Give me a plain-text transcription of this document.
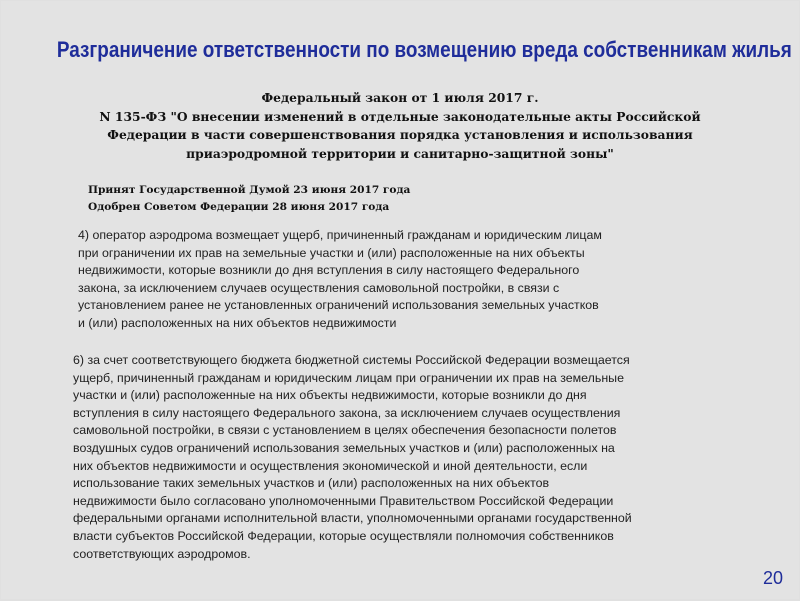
Разграничение ответственности по возмещению вреда собственникам жилья
Федеральный закон от 1 июля 2017 г.
N 135-ФЗ "О внесении изменений в отдельные законодательные акты Российской
Федерации в части совершенствования порядка установления и использования
приаэродромной территории и санитарно-защитной зоны"
Принят Государственной Думой 23 июня 2017 года
Одобрен Советом Федерации 28 июня 2017 года
4) оператор аэродрома возмещает ущерб, причиненный гражданам и юридическим лицам
при ограничении их прав на земельные участки и (или) расположенные на них объекты
недвижимости, которые возникли до дня вступления в силу настоящего Федерального
закона, за исключением случаев осуществления самовольной постройки, в связи с
установлением ранее не установленных ограничений использования земельных участков
и (или) расположенных на них объектов недвижимости
6) за счет соответствующего бюджета бюджетной системы Российской Федерации возмещается
ущерб, причиненный гражданам и юридическим лицам при ограничении их прав на земельные
участки и (или) расположенные на них объекты недвижимости, которые возникли до дня
вступления в силу настоящего Федерального закона, за исключением случаев осуществления
самовольной постройки, в связи с установлением в целях обеспечения безопасности полетов
воздушных судов ограничений использования земельных участков и (или) расположенных на
них объектов недвижимости и осуществления экономической и иной деятельности, если
использование таких земельных участков и (или) расположенных на них объектов
недвижимости было согласовано уполномоченными Правительством Российской Федерации
федеральными органами исполнительной власти, уполномоченными органами государственной
власти субъектов Российской Федерации, которые осуществляли полномочия собственников
соответствующих аэродромов.
20
